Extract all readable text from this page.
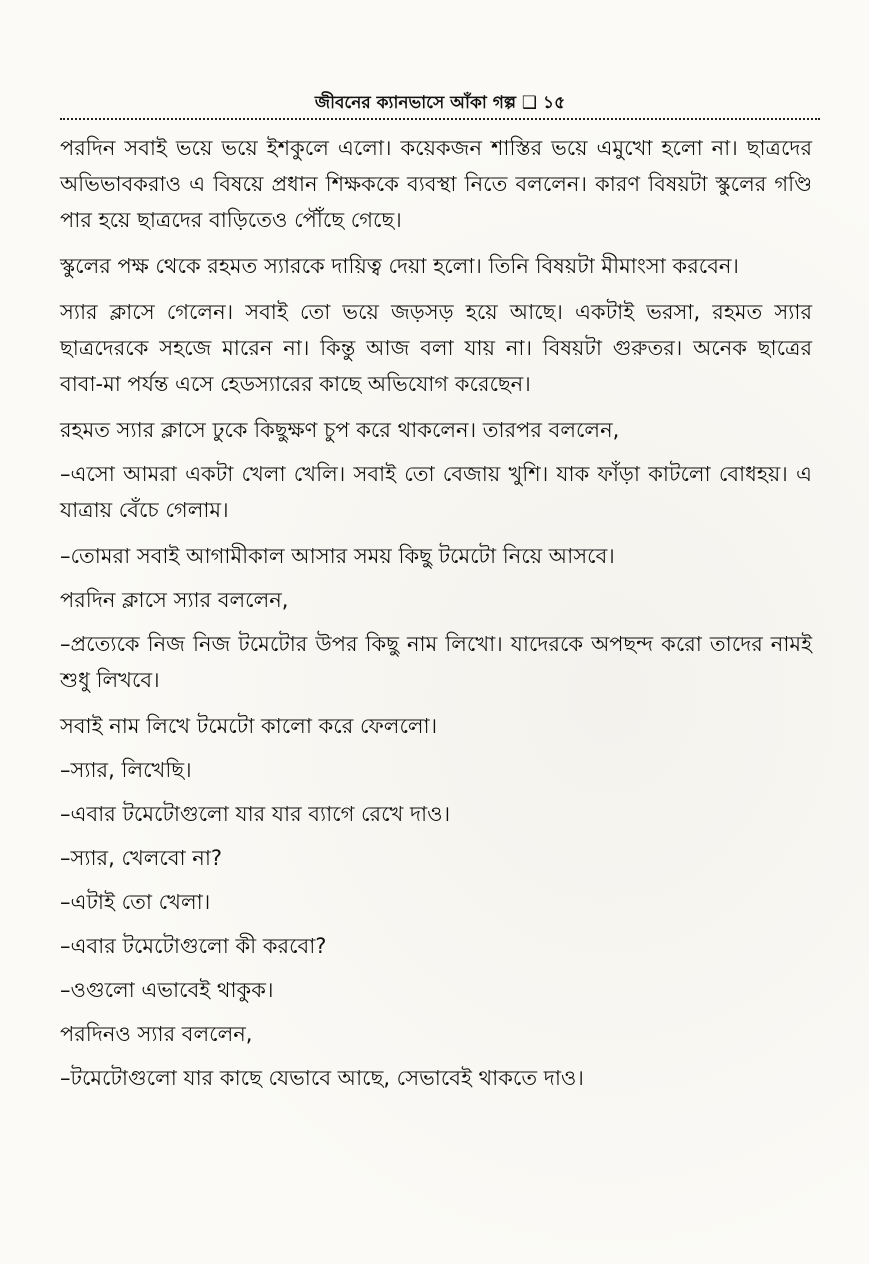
জীবনের ক্যানভাসে আঁকা গল্প ❑ ১৫

পরদিন সবাই ভয়ে ভয়ে ইশকুলে এলো। কয়েকজন শাস্তির ভয়ে এমুখো হলো না। ছাত্রদের অভিভাবকরাও এ বিষয়ে প্রধান শিক্ষককে ব্যবস্থা নিতে বললেন। কারণ বিষয়টা স্কুলের গণ্ডি পার হয়ে ছাত্রদের বাড়িতেও পৌঁছে গেছে।

স্কুলের পক্ষ থেকে রহমত স্যারকে দায়িত্ব দেয়া হলো। তিনি বিষয়টা মীমাংসা করবেন।

স্যার ক্লাসে গেলেন। সবাই তো ভয়ে জড়সড় হয়ে আছে। একটাই ভরসা, রহমত স্যার ছাত্রদেরকে সহজে মারেন না। কিন্তু আজ বলা যায় না। বিষয়টা গুরুতর। অনেক ছাত্রের বাবা-মা পর্যন্ত এসে হেডস্যারের কাছে অভিযোগ করেছেন।

রহমত স্যার ক্লাসে ঢুকে কিছুক্ষণ চুপ করে থাকলেন। তারপর বললেন,

–এসো আমরা একটা খেলা খেলি। সবাই তো বেজায় খুশি। যাক ফাঁড়া কাটলো বোধহয়। এ যাত্রায় বেঁচে গেলাম।

–তোমরা সবাই আগামীকাল আসার সময় কিছু টমেটো নিয়ে আসবে।

পরদিন ক্লাসে স্যার বললেন,

–প্রত্যেকে নিজ নিজ টমেটোর উপর কিছু নাম লিখো। যাদেরকে অপছন্দ করো তাদের নামই শুধু লিখবে।

সবাই নাম লিখে টমেটো কালো করে ফেললো।

–স্যার, লিখেছি।

–এবার টমেটোগুলো যার যার ব্যাগে রেখে দাও।

–স্যার, খেলবো না?

–এটাই তো খেলা।

–এবার টমেটোগুলো কী করবো?

–ওগুলো এভাবেই থাকুক।

পরদিনও স্যার বললেন,

–টমেটোগুলো যার কাছে যেভাবে আছে, সেভাবেই থাকতে দাও।
